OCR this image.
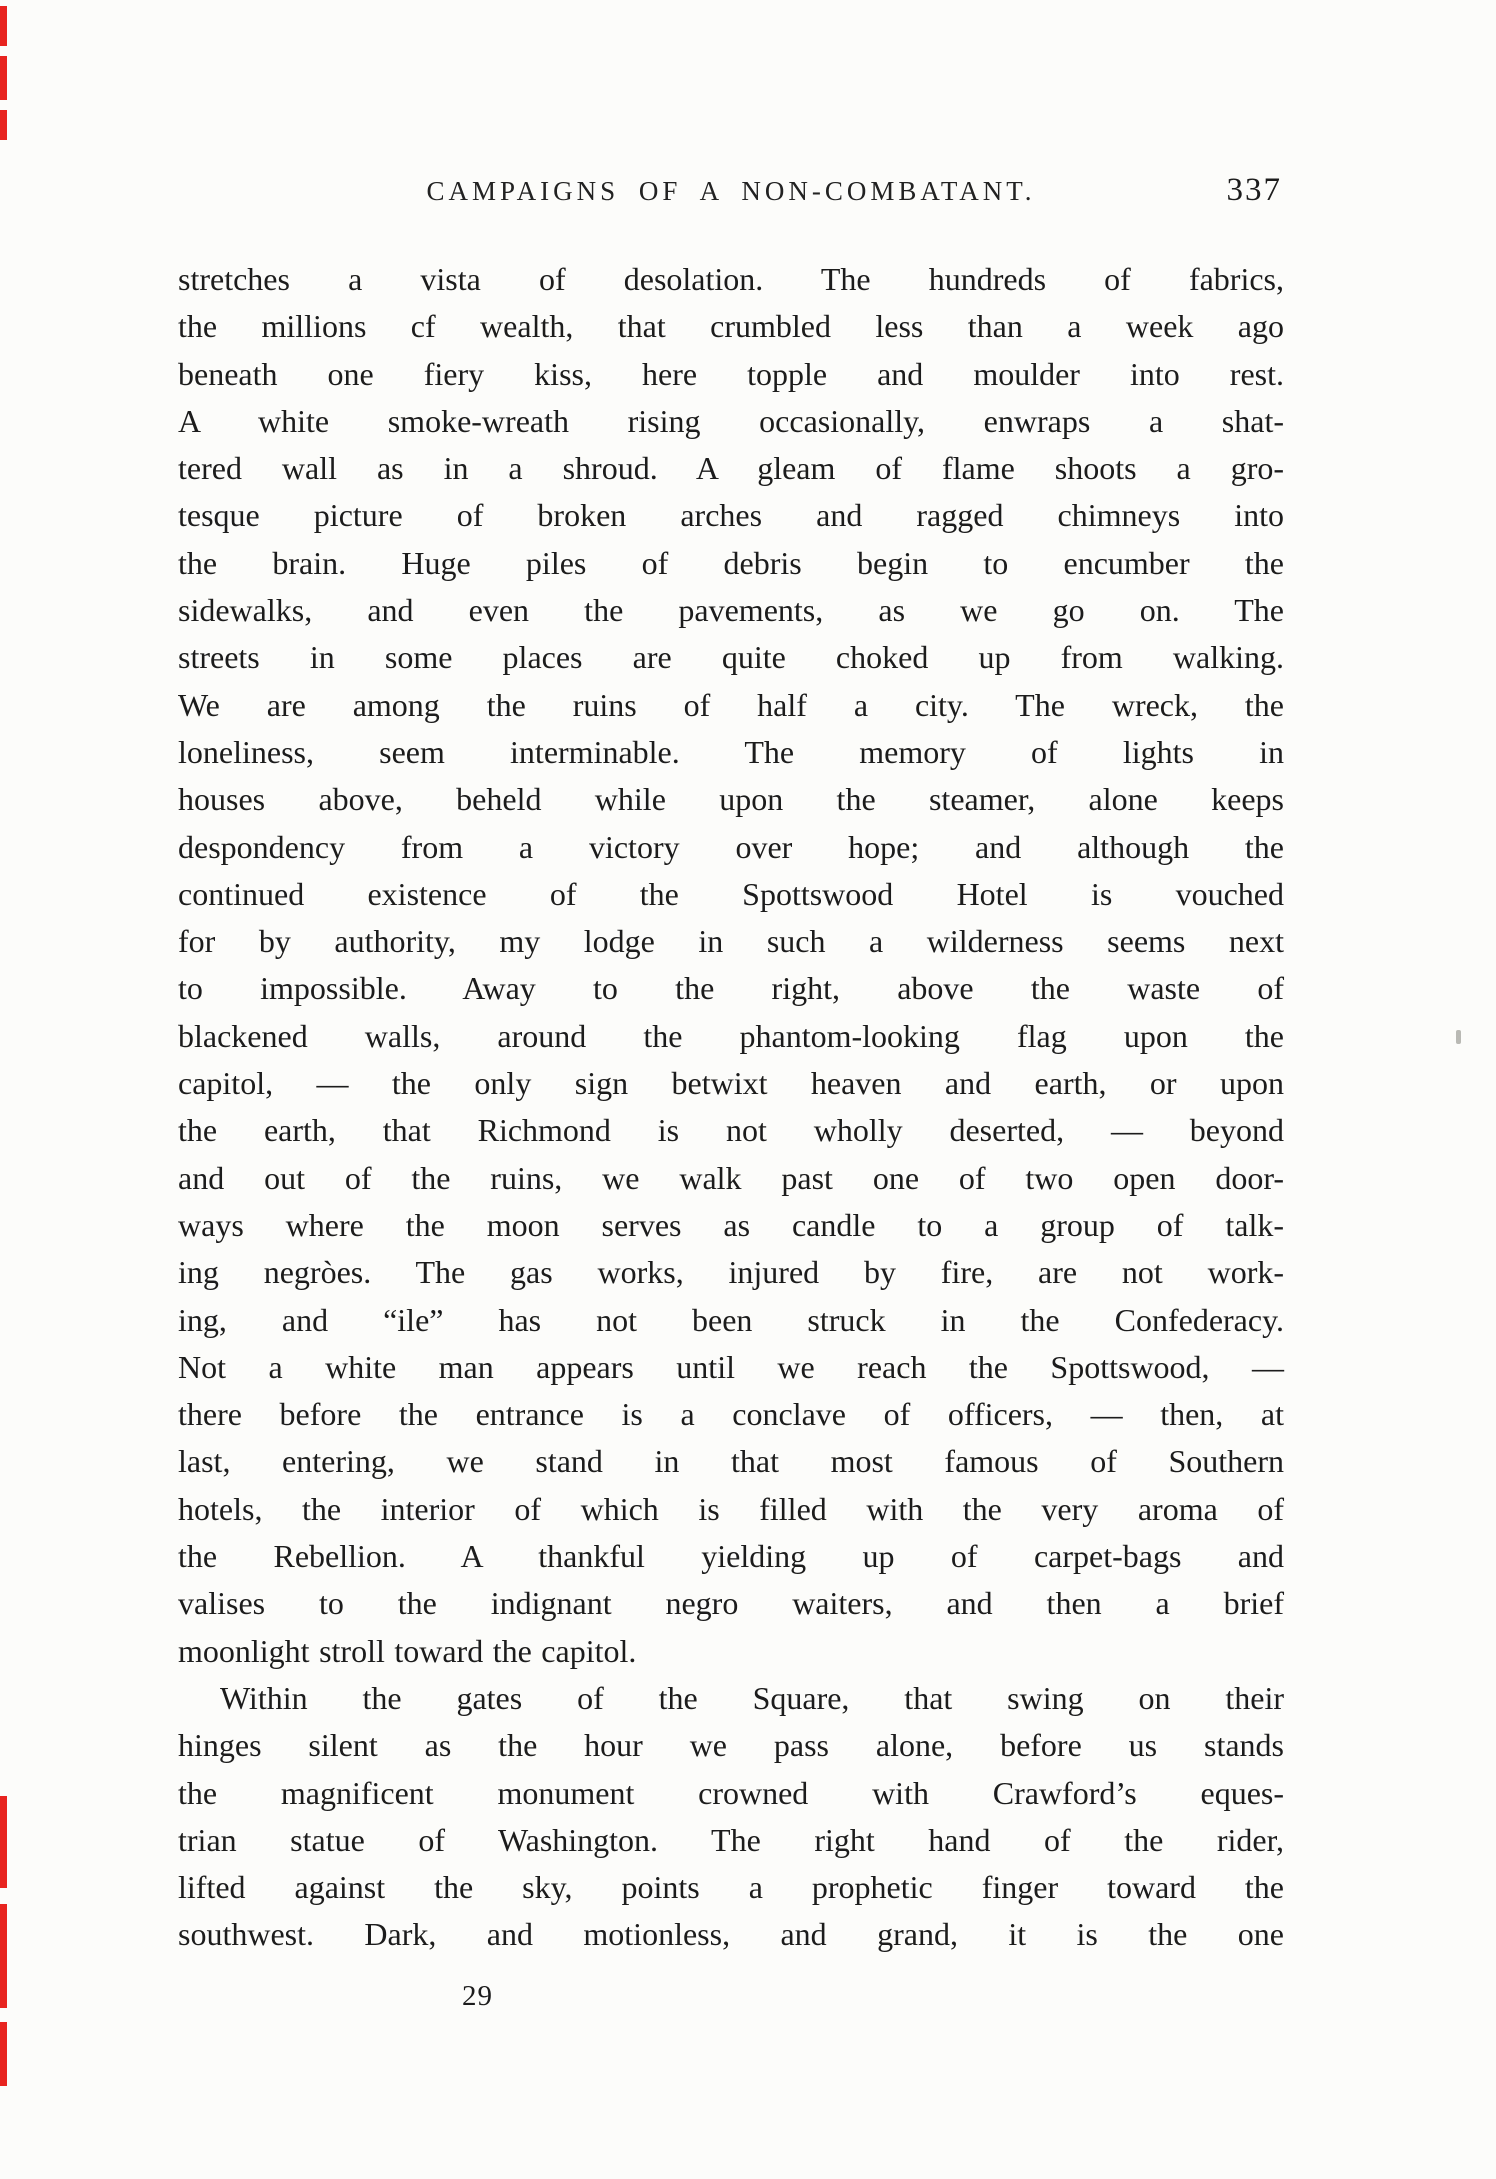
CAMPAIGNS OF A NON-COMBATANT.	337
stretches a vista of desolation. The hundreds of fabrics,
the millions cf wealth, that crumbled less than a week ago
beneath one fiery kiss, here topple and moulder into rest.
A white smoke-wreath rising occasionally, enwraps a shat-
tered wall as in a shroud. A gleam of flame shoots a gro-
tesque picture of broken arches and ragged chimneys into
the brain. Huge piles of debris begin to encumber the
sidewalks, and even the pavements, as we go on. The
streets in some places are quite choked up from walking.
We are among the ruins of half a city. The wreck, the
loneliness, seem interminable. The memory of lights in
houses above, beheld while upon the steamer, alone keeps
despondency from a victory over hope; and although the
continued existence of the Spottswood Hotel is vouched
for by authority, my lodge in such a wilderness seems next
to impossible. Away to the right, above the waste of
blackened walls, around the phantom-looking flag upon the
capitol, — the only sign betwixt heaven and earth, or upon
the earth, that Richmond is not wholly deserted, — beyond
and out of the ruins, we walk past one of two open door-
ways where the moon serves as candle to a group of talk-
ing negròes. The gas works, injured by fire, are not work-
ing, and “ile” has not been struck in the Confederacy.
Not a white man appears until we reach the Spottswood, —
there before the entrance is a conclave of officers, — then, at
last, entering, we stand in that most famous of Southern
hotels, the interior of which is filled with the very aroma of
the Rebellion. A thankful yielding up of carpet-bags and
valises to the indignant negro waiters, and then a brief
moonlight stroll toward the capitol.
Within the gates of the Square, that swing on their
hinges silent as the hour we pass alone, before us stands
the magnificent monument crowned with Crawford’s eques-
trian statue of Washington. The right hand of the rider,
lifted against the sky, points a prophetic finger toward the
southwest. Dark, and motionless, and grand, it is the one
29
